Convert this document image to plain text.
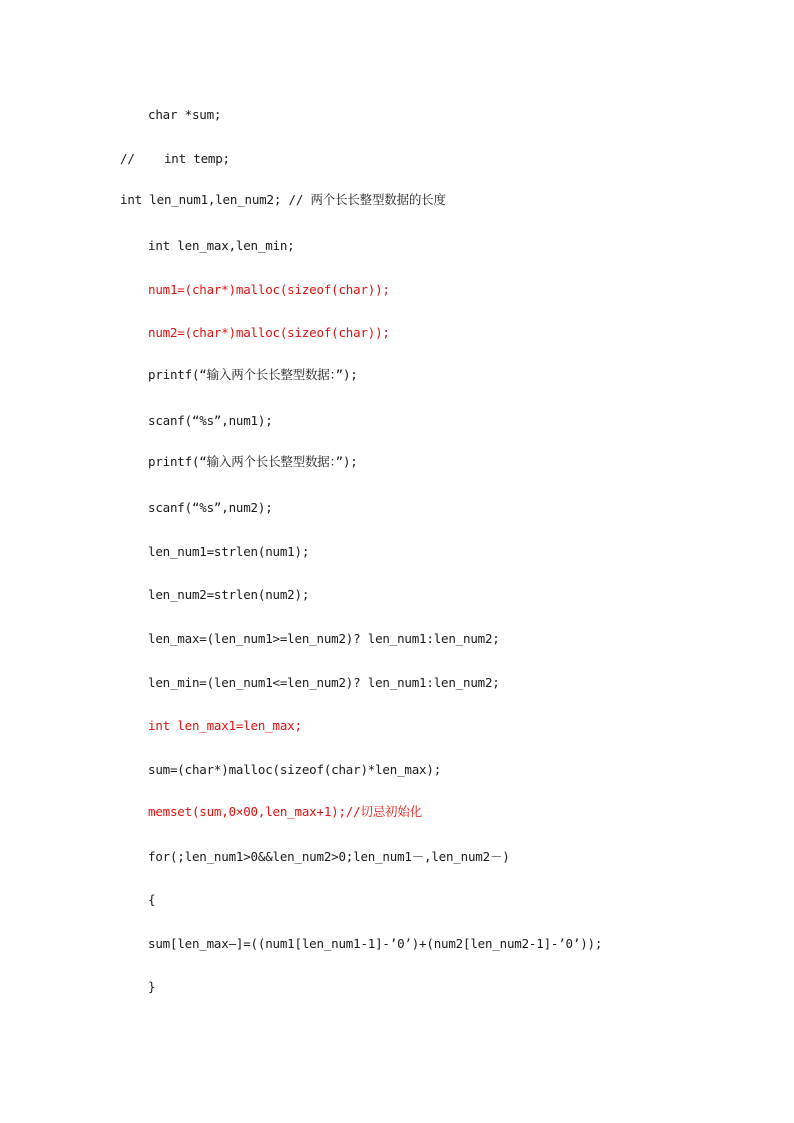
char *sum;
//    int temp;
int len_num1,len_num2; // 两个长长整型数据的长度
int len_max,len_min;
num1=(char*)malloc(sizeof(char));
num2=(char*)malloc(sizeof(char));
printf(“输入两个长长整型数据：”);
scanf(“%s”,num1);
printf(“输入两个长长整型数据：”);
scanf(“%s”,num2);
len_num1=strlen(num1);
len_num2=strlen(num2);
len_max=(len_num1>=len_num2)? len_num1:len_num2;
len_min=(len_num1<=len_num2)? len_num1:len_num2;
int len_max1=len_max;
sum=(char*)malloc(sizeof(char)*len_max);
memset(sum,0×00,len_max+1);//切忌初始化
for(;len_num1>0&&len_num2>0;len_num1－,len_num2－)
{
sum[len_max—]=((num1[len_num1-1]-’0’)+(num2[len_num2-1]-’0’));
}
